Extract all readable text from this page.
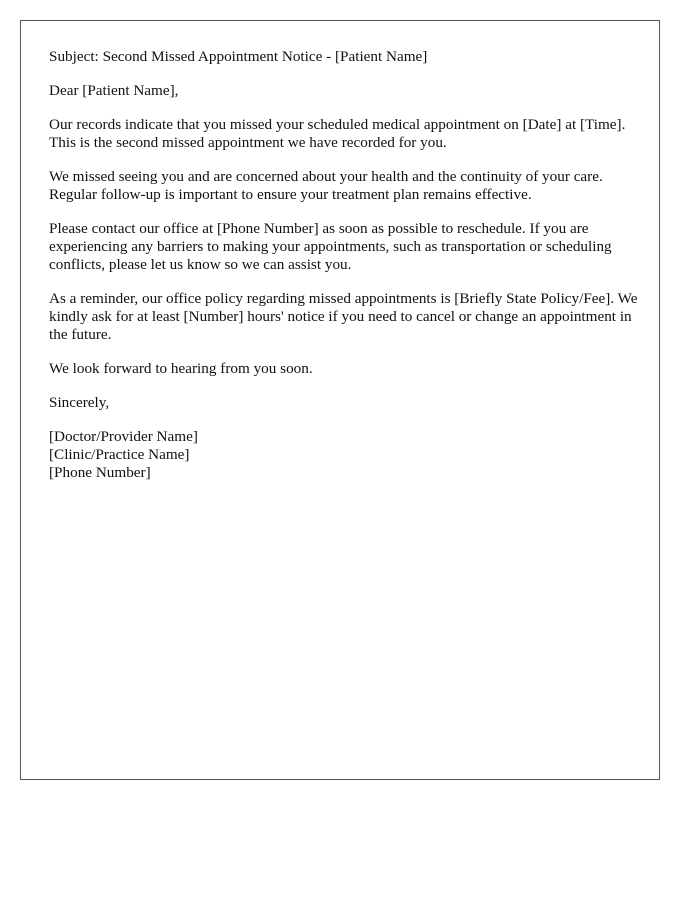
Subject: Second Missed Appointment Notice - [Patient Name]

Dear [Patient Name],

Our records indicate that you missed your scheduled medical appointment on [Date] at [Time]. This is the second missed appointment we have recorded for you.

We missed seeing you and are concerned about your health and the continuity of your care. Regular follow-up is important to ensure your treatment plan remains effective.

Please contact our office at [Phone Number] as soon as possible to reschedule. If you are experiencing any barriers to making your appointments, such as transportation or scheduling conflicts, please let us know so we can assist you.

As a reminder, our office policy regarding missed appointments is [Briefly State Policy/Fee]. We kindly ask for at least [Number] hours' notice if you need to cancel or change an appointment in the future.

We look forward to hearing from you soon.

Sincerely,

[Doctor/Provider Name]
[Clinic/Practice Name]
[Phone Number]
